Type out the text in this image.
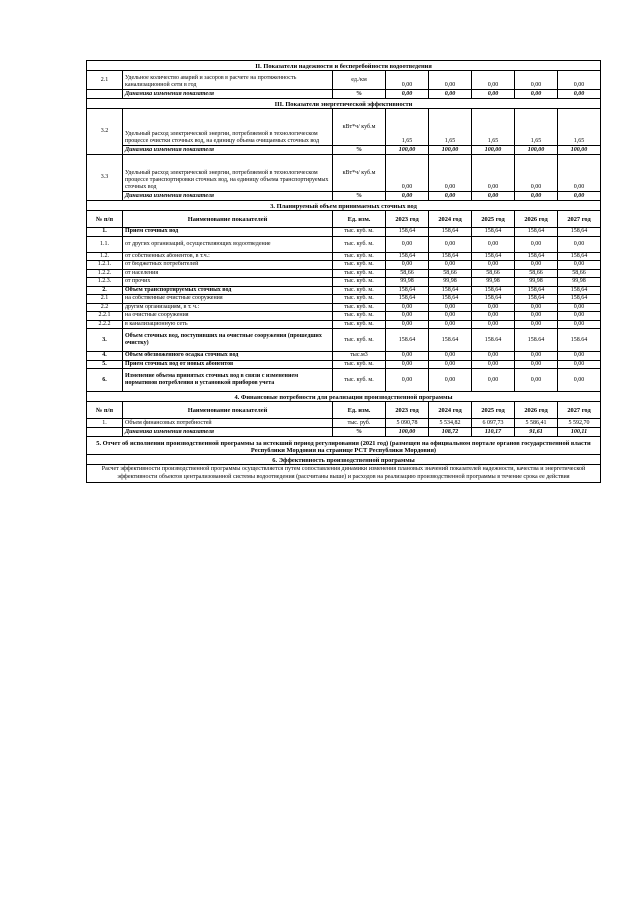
II. Показатели надежности и бесперебойности водоотведения							
2.1	Удельное количество аварий и засоров в расчете на протяженность канализационной сети в год	ед./км	0,00	0,00	0,00	0,00	0,00
	Динамика изменения показателя	%	0,00	0,00	0,00	0,00	0,00
III. Показатели энергетической эффективности							
3.2	Удельный расход электрической энергии, потребляемой в технологическом процессе очистки сточных вод, на единицу объема очищаемых сточных вод	кВт*ч/ куб.м	1,65	1,65	1,65	1,65	1,65
	Динамика изменения показателя	%	100,00	100,00	100,00	100,00	100,00
3.3	Удельный расход электрической энергии, потребляемой в технологическом процессе транспортировки сточных вод, на единицу объема транспортируемых сточных вод	кВт*ч/ куб.м	0,00	0,00	0,00	0,00	0,00
	Динамика изменения показателя	%	0,00	0,00	0,00	0,00	0,00
3. Планируемый объем принимаемых сточных вод							
№ п/п	Наименование показателей	Ед. изм.	2023 год	2024 год	2025 год	2026 год	2027 год
1.	Прием сточных вод	тыс. куб. м.	158,64	158,64	158,64	158,64	158,64
1.1.	от других организаций, осуществляющих водоотведение	тыс. куб. м.	0,00	0,00	0,00	0,00	0,00
1.2.	от собственных абонентов, в т.ч.:	тыс. куб. м.	158,64	158,64	158,64	158,64	158,64
1.2.1.	от бюджетных потребителей	тыс. куб. м.	0,00	0,00	0,00	0,00	0,00
1.2.2.	от населения	тыс. куб. м.	58,66	58,66	58,66	58,66	58,66
1.2.3.	от прочих	тыс. куб. м.	99,98	99,98	99,98	99,98	99,98
2.	Объем транспортируемых сточных вод	тыс. куб. м.	158,64	158,64	158,64	158,64	158,64
2.1	на собственные очистные сооружения	тыс. куб. м.	158,64	158,64	158,64	158,64	158,64
2.2	другим организациям, в т. ч.:	тыс. куб. м.	0,00	0,00	0,00	0,00	0,00
2.2.1	на очистные сооружения	тыс. куб. м.	0,00	0,00	0,00	0,00	0,00
2.2.2	в канализационную сеть	тыс. куб. м.	0,00	0,00	0,00	0,00	0,00
3.	Объем сточных вод, поступивших на очистные сооружения (прошедших очистку)	тыс. куб. м.	158.64	158.64	158.64	158.64	158.64
4.	Объем обезвоженного осадка сточных вод	тыс.м3	0,00	0,00	0,00	0,00	0,00
5.	Прием сточных вод от новых абонентов	тыс. куб. м.	0,00	0,00	0,00	0,00	0,00
6.	Изменение объема принятых сточных вод в связи с изменением нормативов потребления и установкой приборов учета	тыс. куб. м.	0,00	0,00	0,00	0,00	0,00
4. Финансовые потребности для реализации производственной программы							
№ п/п	Наименование показателей	Ед. изм.	2023 год	2024 год	2025 год	2026 год	2027 год
1.	Объем финансовых потребностей	тыс. руб.	5 090,78	5 534,82	6 097,73	5 586,41	5 592,70
	Динамика изменения показателя	%	100,00	108,72	110,17	91,61	100,11
5. Отчет об исполнении производственной программы за истекший период регулирования (2021 год) (размещен на официальном портале органов государственной власти Республики Мордовия на странице РСТ Республики Мордовия)							
6. Эффективность производственной программы							
Расчет эффективности производственной программы осуществляется путем сопоставления динамики изменения плановых значений показателей надежности, качества и энергетической эффективности объектов централизованной системы водоотведения (рассчитаны выше) и расходов на реализацию производственной программы в течение срока ее действия							
